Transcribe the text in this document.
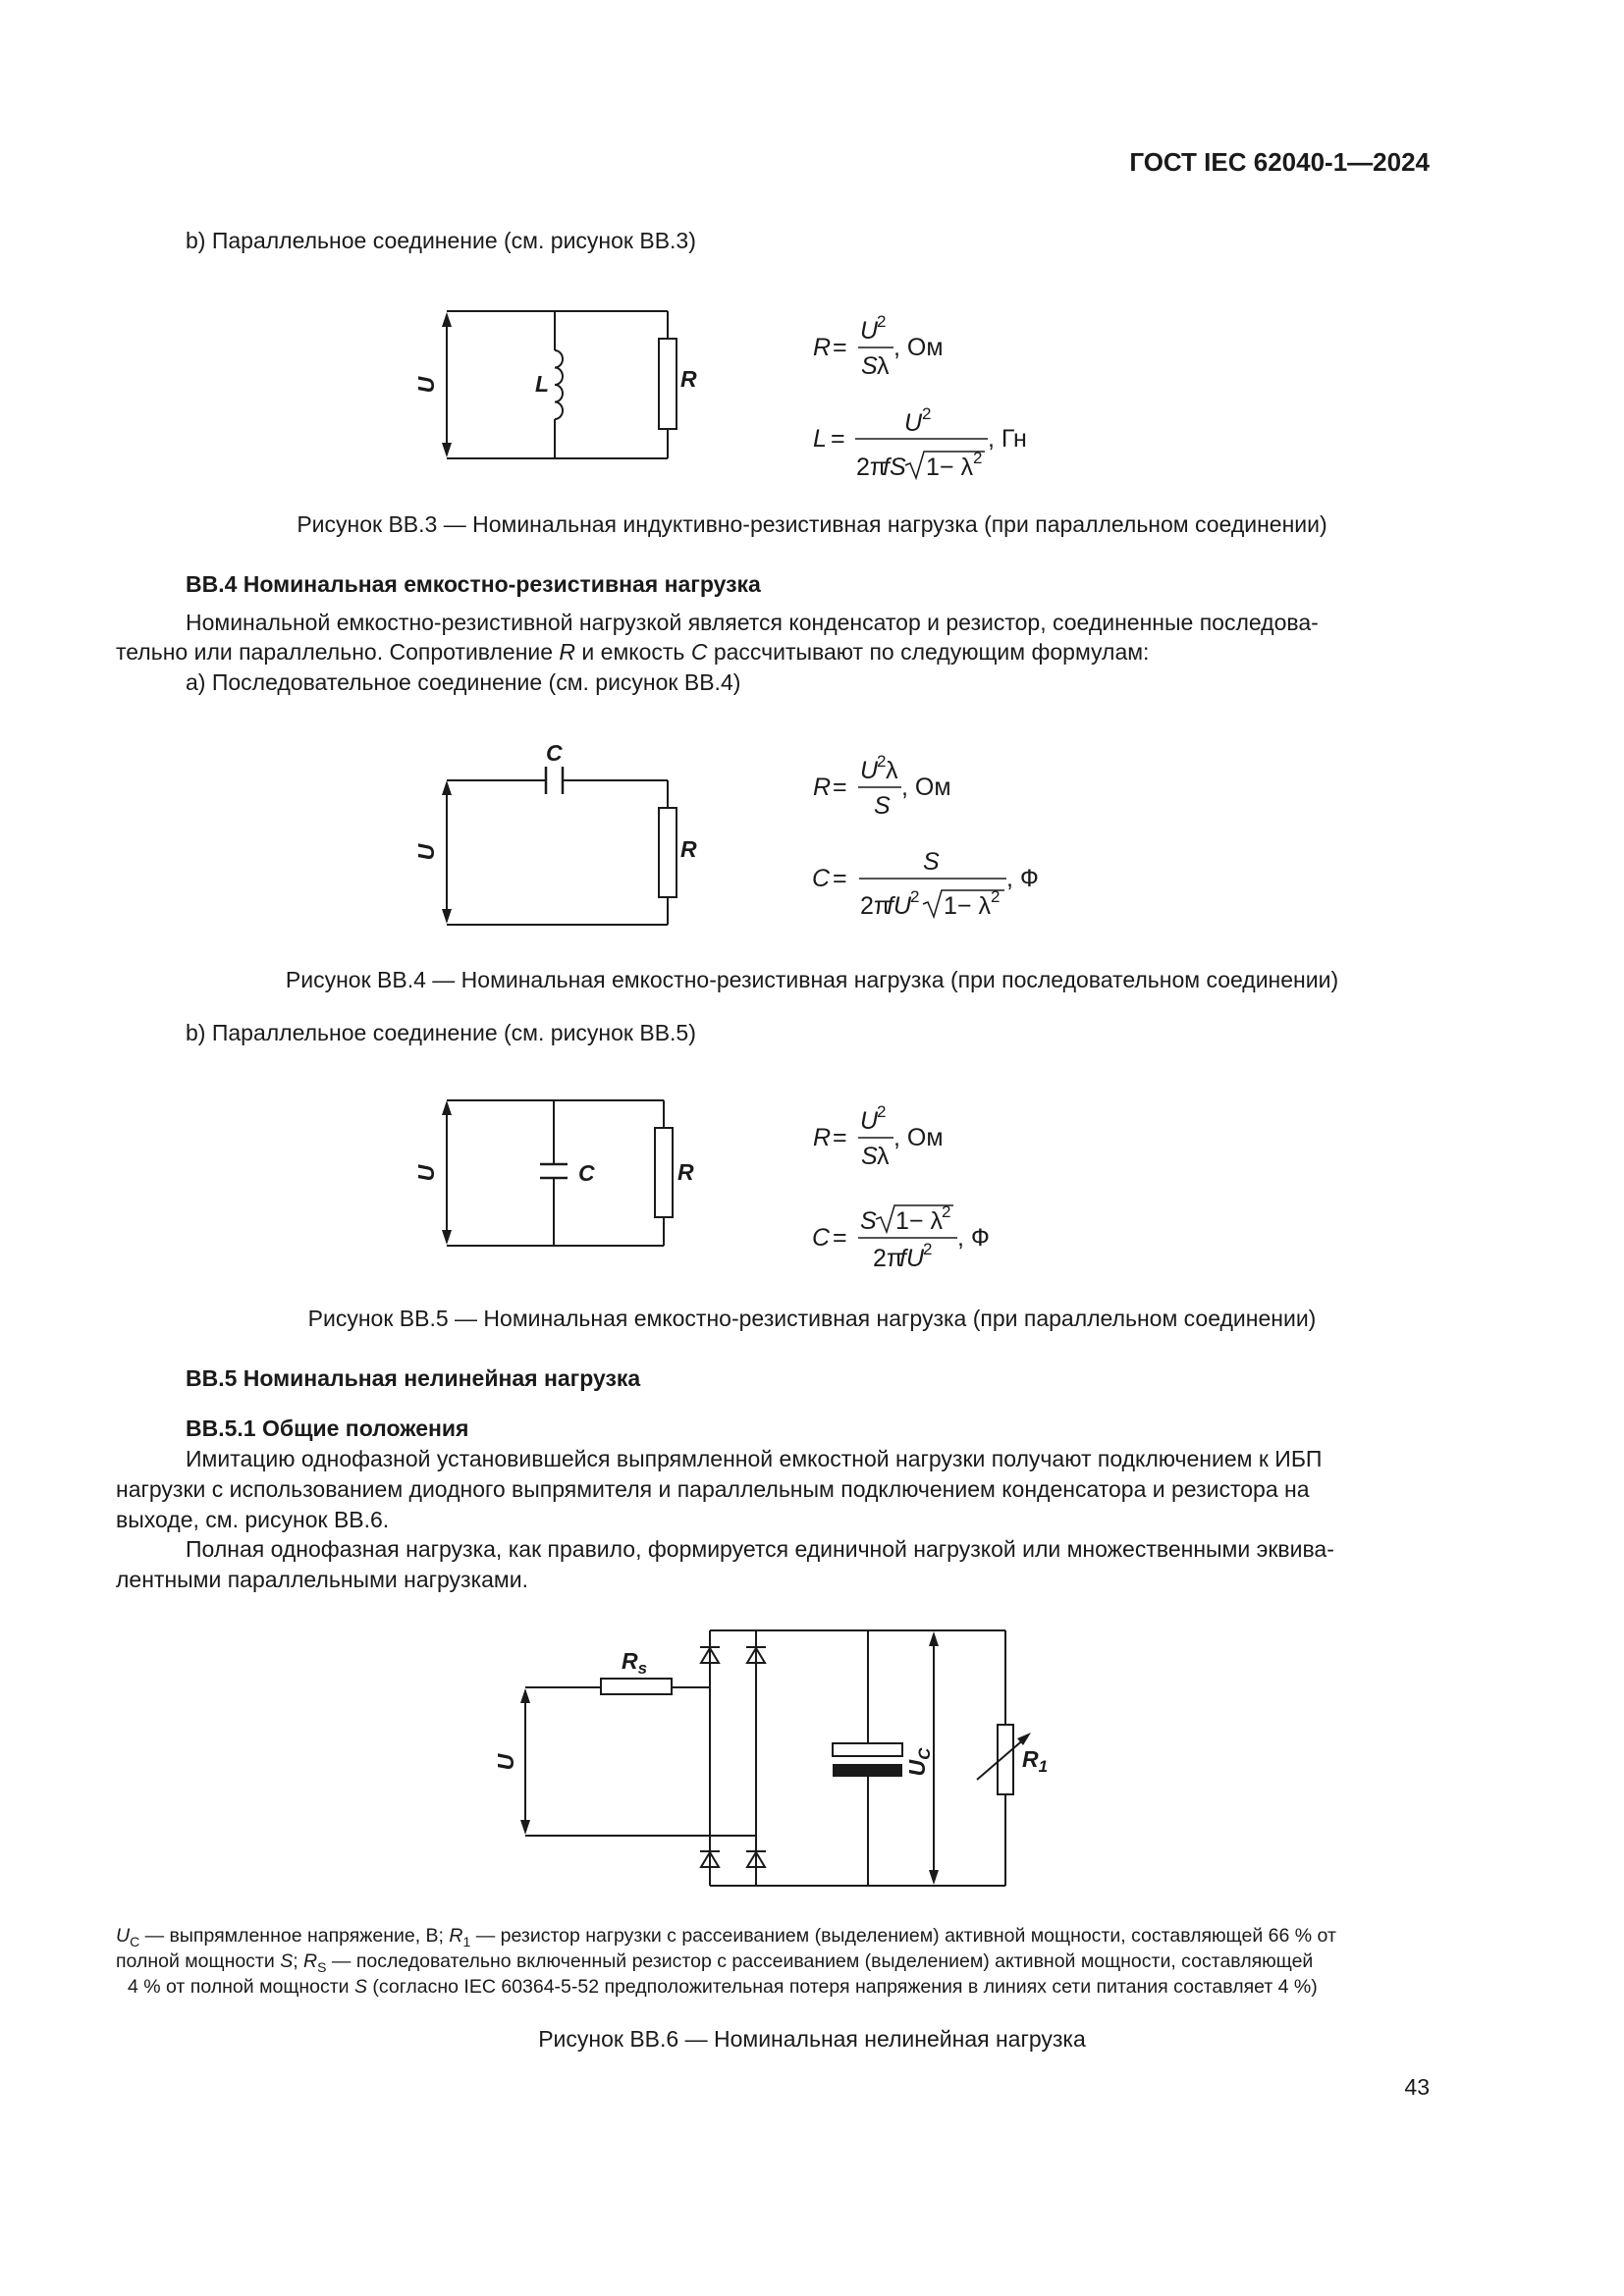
ГОСТ IEC 62040-1—2024
b) Параллельное соединение (см. рисунок ВВ.3)
U	L	R
R =
U
2
S λ
, Ом
L =
U 2
2π
fS 1− λ 2
, Гн
Рисунок ВВ.3 — Номинальная индуктивно-резистивная нагрузка (при параллельном соединении)
ВВ.4 Номинальная емкостно-резистивная нагрузка
Номинальной емкостно-резистивной нагрузкой является конденсатор и резистор, соединенные последова-
тельно или параллельно. Сопротивление R и емкость C рассчитывают по следующим формулам:
a) Последовательное соединение (см. рисунок ВВ.4)
C
U	R
R =
U
2 λ
S
, Ом
C =
S
2π
fU 2 1− λ 2
, Ф
Рисунок ВВ.4 — Номинальная емкостно-резистивная нагрузка (при последовательном соединении)
b) Параллельное соединение (см. рисунок ВВ.5)
U	C	R
R =
U
2
S λ
, Ом
C =
S 1− λ 2
2π
fU 2 , Ф
Рисунок ВВ.5 — Номинальная емкостно-резистивная нагрузка (при параллельном соединении)
ВВ.5 Номинальная нелинейная нагрузка
ВВ.5.1 Общие положения
Имитацию однофазной установившейся выпрямленной емкостной нагрузки получают подключением к ИБП
нагрузки с использованием диодного выпрямителя и параллельным подключением конденсатора и резистора на
выходе, см. рисунок ВВ.6.
Полная однофазная нагрузка, как правило, формируется единичной нагрузкой или множественными эквива-
лентными параллельными нагрузками.
$R_s$
U	$U_C$	$R_1$
$U_C$ — выпрямленное напряжение, В; $R_1$ — резистор нагрузки с рассеиванием (выделением) активной мощности, составляющей 66 % от
полной мощности S; $R_S$ — последовательно включенный резистор с рассеиванием (выделением) активной мощности, составляющей
4 % от полной мощности S (согласно IEC 60364-5-52 предположительная потеря напряжения в линиях сети питания составляет 4 %)
Рисунок ВВ.6 — Номинальная нелинейная нагрузка
43
